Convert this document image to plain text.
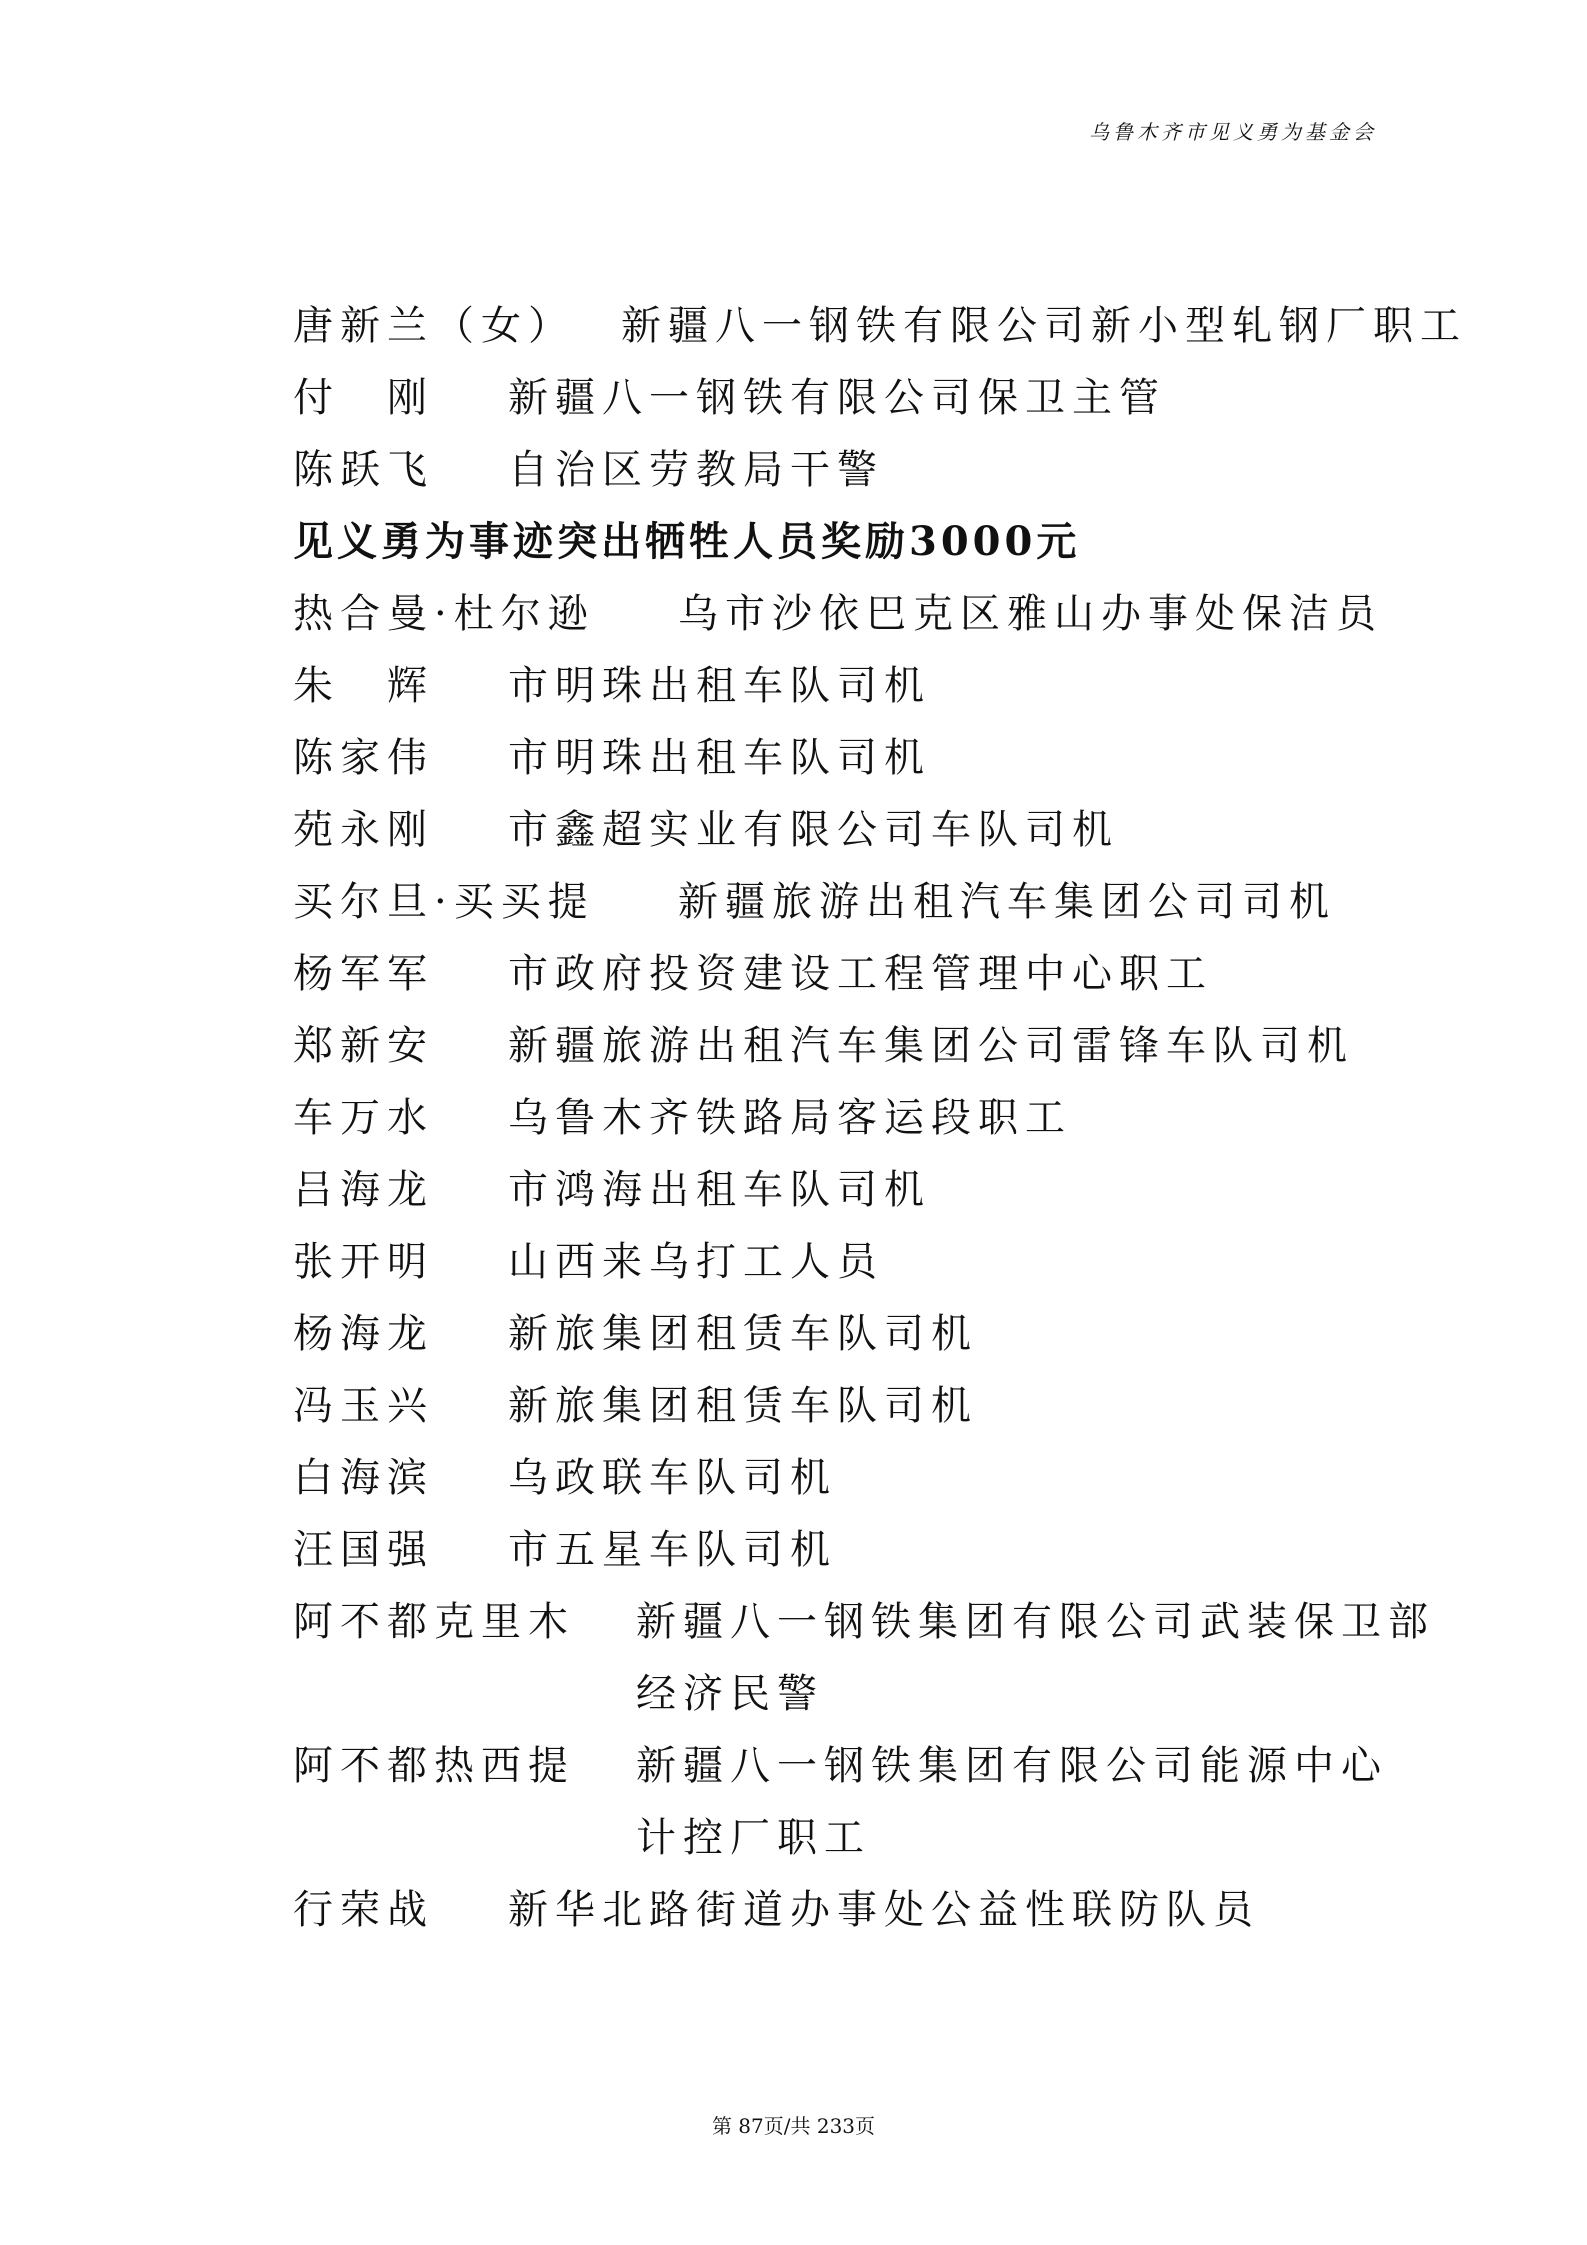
乌鲁木齐市见义勇为基金会
唐新兰（女） 新疆八一钢铁有限公司新小型轧钢厂职工
付　刚 新疆八一钢铁有限公司保卫主管
陈跃飞 自治区劳教局干警
见义勇为事迹突出牺牲人员奖励3000元
热合曼·杜尔逊 乌市沙依巴克区雅山办事处保洁员
朱　辉 市明珠出租车队司机
陈家伟 市明珠出租车队司机
苑永刚 市鑫超实业有限公司车队司机
买尔旦·买买提 新疆旅游出租汽车集团公司司机
杨军军 市政府投资建设工程管理中心职工
郑新安 新疆旅游出租汽车集团公司雷锋车队司机
车万水 乌鲁木齐铁路局客运段职工
吕海龙 市鸿海出租车队司机
张开明 山西来乌打工人员
杨海龙 新旅集团租赁车队司机
冯玉兴 新旅集团租赁车队司机
白海滨 乌政联车队司机
汪国强 市五星车队司机
阿不都克里木 新疆八一钢铁集团有限公司武装保卫部
经济民警
阿不都热西提 新疆八一钢铁集团有限公司能源中心
计控厂职工
行荣战 新华北路街道办事处公益性联防队员
第 87页/共 233页
